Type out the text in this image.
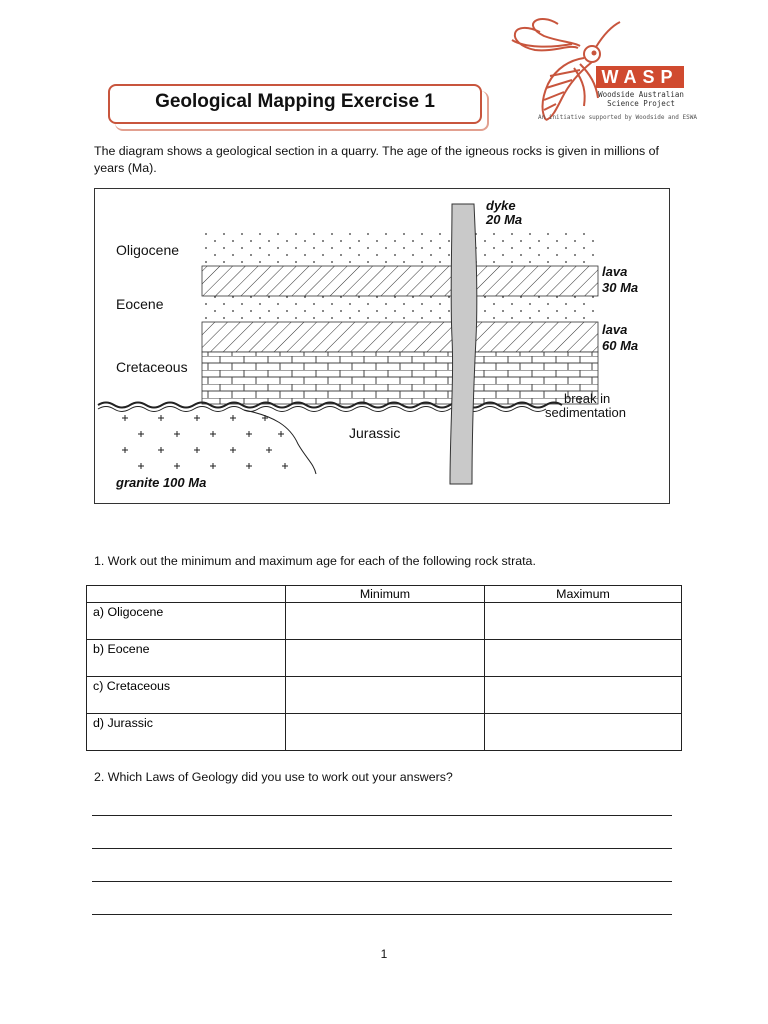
WASP
Woodside Australian
Science Project
An initiative supported by Woodside and ESWA
Geological Mapping Exercise 1
The diagram shows a geological section in a quarry. The age of the igneous rocks is given in millions of years (Ma).
Oligocene
Eocene
Cretaceous
Jurassic
dyke
20 Ma
lava
30 Ma
lava
60 Ma
break in
sedimentation
granite 100 Ma
1. Work out the minimum and maximum age for each of the following rock strata.
	Minimum	Maximum
a) Oligocene		
b) Eocene		
c) Cretaceous		
d) Jurassic		
2. Which Laws of Geology did you use to work out your answers?
1
